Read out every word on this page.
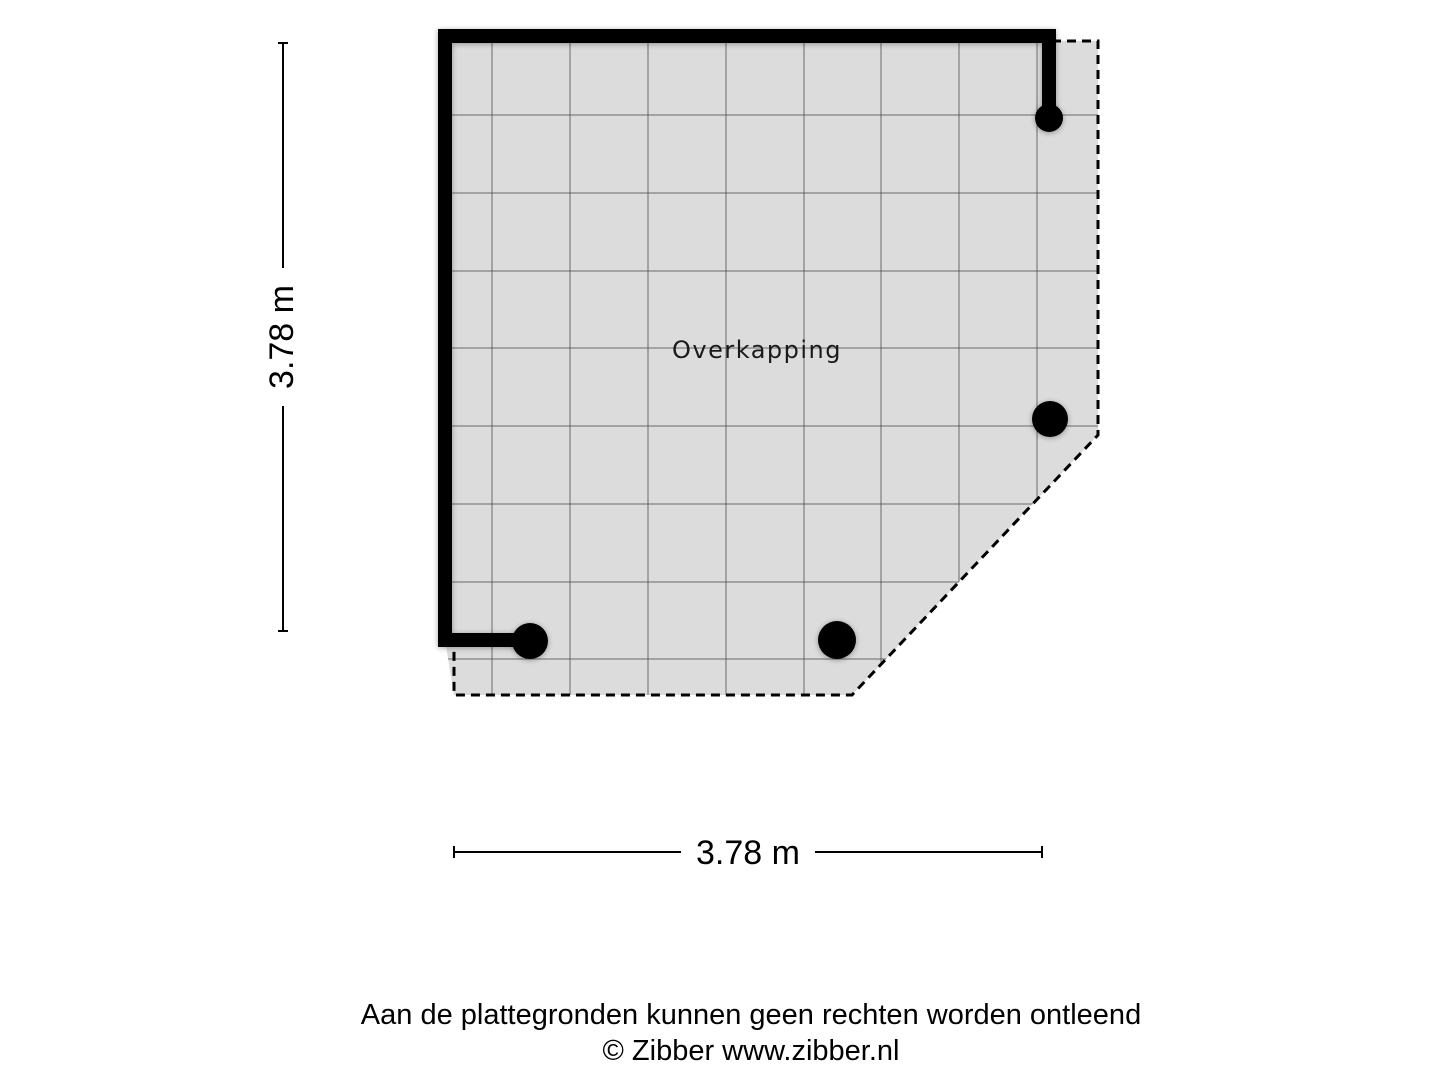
Overkapping
3.78 m
3.78 m
Aan de plattegronden kunnen geen rechten worden ontleend
© Zibber www.zibber.nl
